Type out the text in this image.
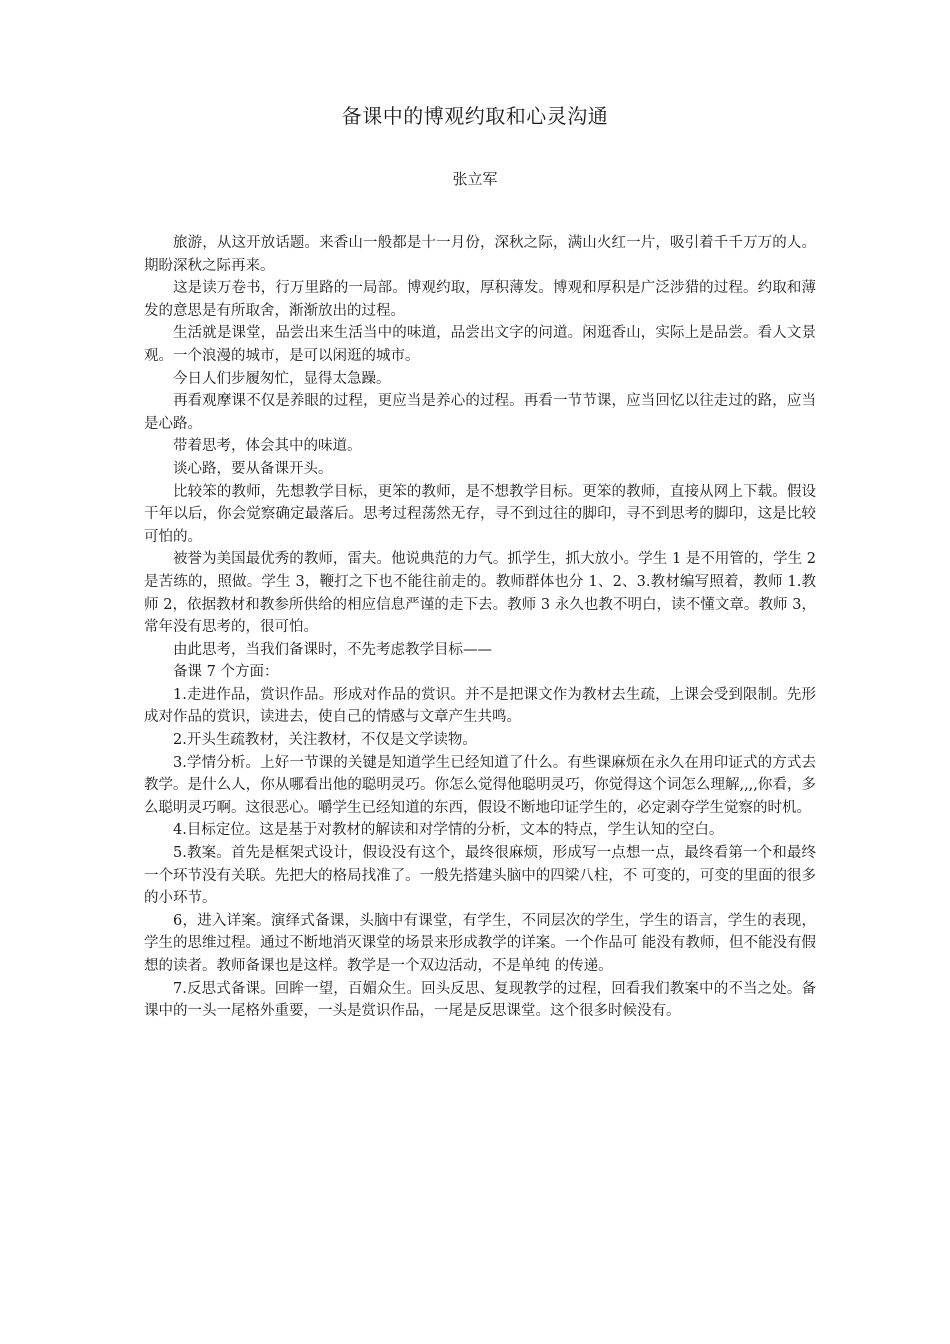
备课中的博观约取和心灵沟通
张立军

旅游，从这开放话题。来香山一般都是十一月份，深秋之际，满山火红一片，吸引着千千万万的人。期盼深秋之际再来。

这是读万卷书，行万里路的一局部。博观约取，厚积薄发。博观和厚积是广泛涉猎的过程。约取和薄发的意思是有所取舍，渐渐放出的过程。

生活就是课堂，品尝出来生活当中的味道，品尝出文字的问道。闲逛香山，实际上是品尝。看人文景观。一个浪漫的城市，是可以闲逛的城市。

今日人们步履匆忙，显得太急躁。

再看观摩课不仅是养眼的过程，更应当是养心的过程。再看一节节课，应当回忆以往走过的路，应当是心路。

带着思考，体会其中的味道。

谈心路，要从备课开头。

比较笨的教师，先想教学目标，更笨的教师，是不想教学目标。更笨的教师，直接从网上下载。假设干年以后，你会觉察确定最落后。思考过程荡然无存，寻不到过往的脚印，寻不到思考的脚印，这是比较可怕的。

被誉为美国最优秀的教师，雷夫。他说典范的力气。抓学生，抓大放小。学生 1 是不用管的，学生 2 是苦练的，照做。学生 3，鞭打之下也不能往前走的。教师群体也分 1、2、3.教材编写照着，教师 1.教师 2，依据教材和教参所供给的相应信息严谨的走下去。教师 3 永久也教不明白，读不懂文章。教师 3，常年没有思考的，很可怕。

由此思考，当我们备课时，不先考虑教学目标——

备课 7 个方面：

1.走进作品，赏识作品。形成对作品的赏识。并不是把课文作为教材去生疏，上课会受到限制。先形成对作品的赏识，读进去，使自己的情感与文章产生共鸣。

2.开头生疏教材，关注教材，不仅是文学读物。

3.学情分析。上好一节课的关键是知道学生已经知道了什么。有些课麻烦在永久在用印证式的方式去教学。是什么人，你从哪看出他的聪明灵巧。你怎么觉得他聪明灵巧，你觉得这个词怎么理解,,,,你看，多么聪明灵巧啊。这很恶心。嚼学生已经知道的东西，假设不断地印证学生的，必定剥夺学生觉察的时机。

4.目标定位。这是基于对教材的解读和对学情的分析，文本的特点，学生认知的空白。

5.教案。首先是框架式设计，假设没有这个，最终很麻烦，形成写一点想一点，最终看第一个和最终一个环节没有关联。先把大的格局找准了。一般先搭建头脑中的四梁八柱，不 可变的，可变的里面的很多的小环节。

6，进入详案。演绎式备课，头脑中有课堂，有学生，不同层次的学生，学生的语言，学生的表现，学生的思维过程。通过不断地消灭课堂的场景来形成教学的详案。一个作品可 能没有教师，但不能没有假想的读者。教师备课也是这样。教学是一个双边活动，不是单纯 的传递。

7.反思式备课。回眸一望，百媚众生。回头反思、复现教学的过程，回看我们教案中的不当之处。备课中的一头一尾格外重要，一头是赏识作品，一尾是反思课堂。这个很多时候没有。
